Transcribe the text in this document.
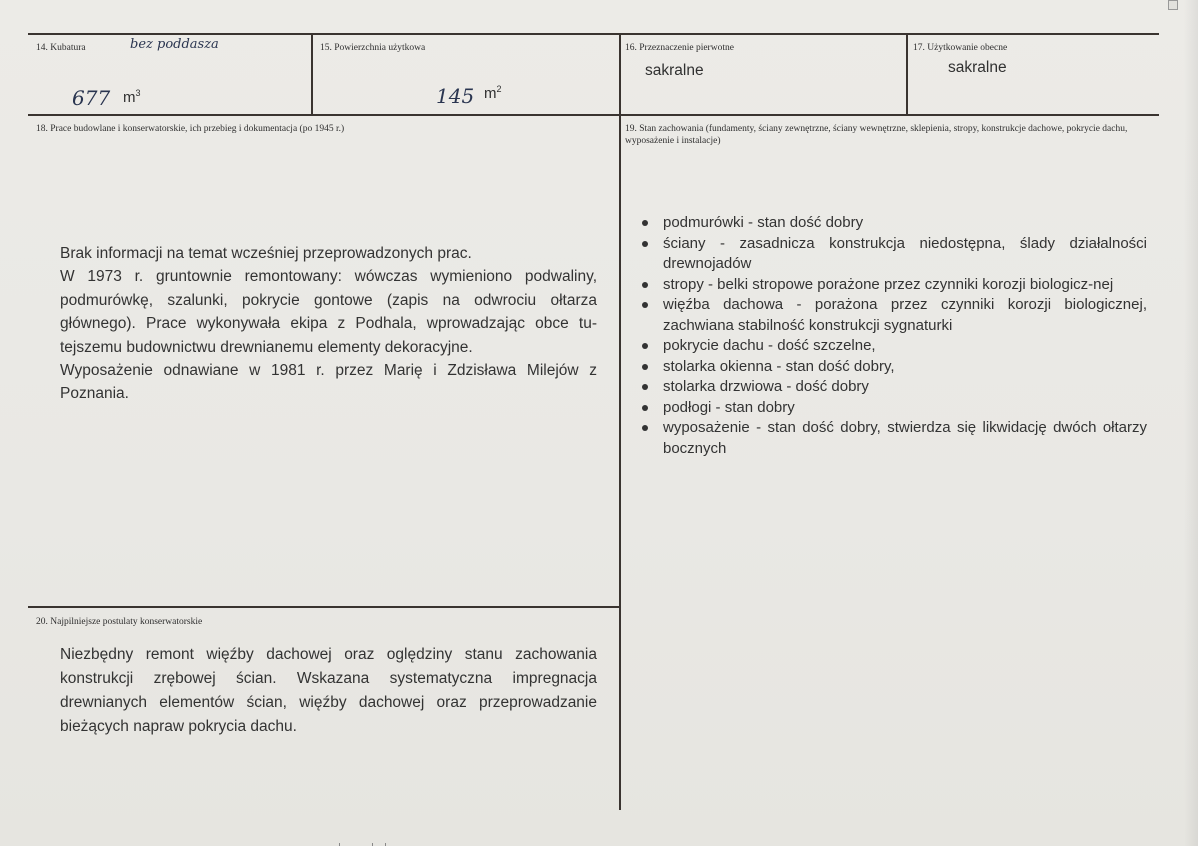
14. Kubatura	bez poddasza
677 $m^3$
15. Powierzchnia użytkowa
145 $m^2$
16. Przeznaczenie pierwotne
sakralne
17. Użytkowanie obecne
sakralne
18. Prace budowlane i konserwatorskie, ich przebieg i dokumentacja (po 1945 r.)

Brak informacji na temat wcześniej przeprowadzonych prac.

W 1973 r. gruntownie remontowany: wówczas wymieniono podwaliny, podmurówkę, szalunki, pokrycie gontowe (zapis na odwrociu ołtarza głównego). Prace wykonywała ekipa z Podhala, wprowadzając obce tu-tejszemu budownictwu drewnianemu elementy dekoracyjne.

Wyposażenie odnawiane w 1981 r. przez Marię i Zdzisława Milejów z Poznania.

19. Stan zachowania (fundamenty, ściany zewnętrzne, ściany wewnętrzne, sklepienia, stropy, konstrukcje dachowe, pokrycie dachu, wyposażenie i instalacje)
podmurówki - stan dość dobry
ściany - zasadnicza konstrukcja niedostępna, ślady działalności drewnojadów
stropy - belki stropowe porażone przez czynniki korozji biologicz-nej
więźba dachowa - porażona przez czynniki korozji biologicznej, zachwiana stabilność konstrukcji sygnaturki
pokrycie dachu - dość szczelne,
stolarka okienna - stan dość dobry,
stolarka drzwiowa - dość dobry
podłogi - stan dobry
wyposażenie - stan dość dobry, stwierdza się likwidację dwóch ołtarzy bocznych
20. Najpilniejsze postulaty konserwatorskie
Niezbędny remont więźby dachowej oraz oględziny stanu zachowania konstrukcji zrębowej ścian. Wskazana systematyczna impregnacja drewnianych elementów ścian, więźby dachowej oraz przeprowadzanie bieżących napraw pokrycia dachu.
